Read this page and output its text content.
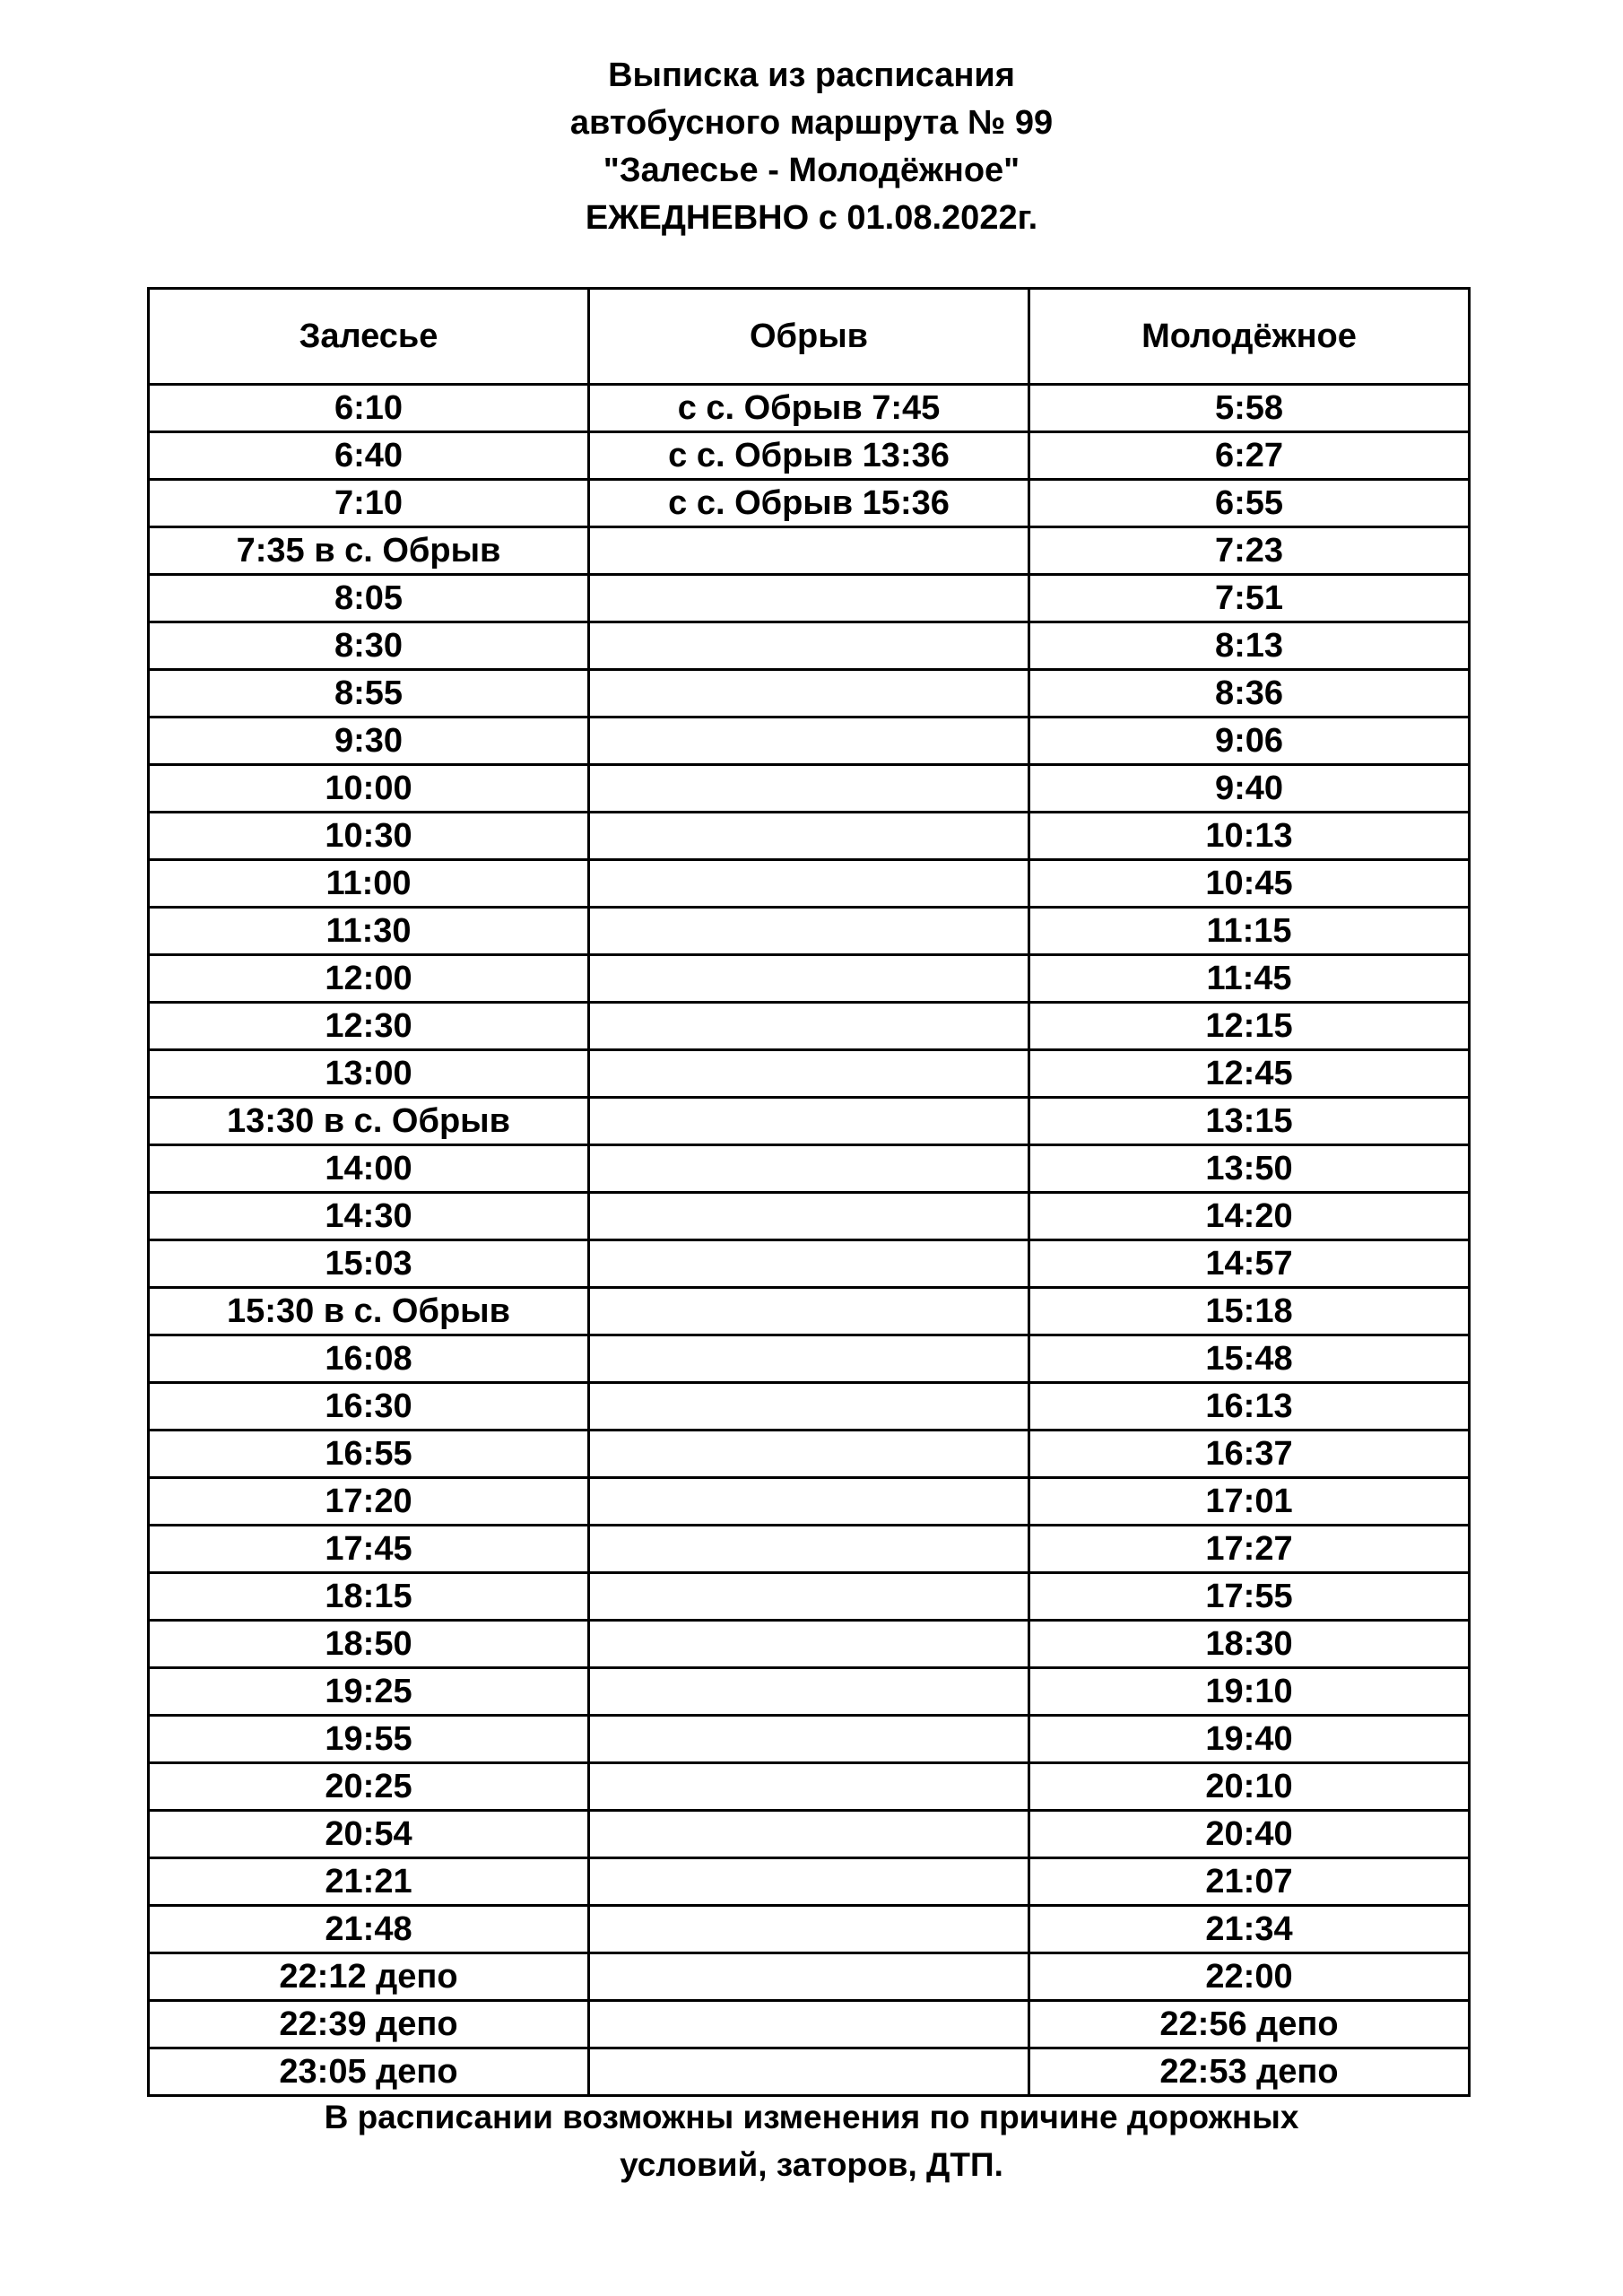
Выписка из расписания
автобусного маршрута № 99
"Залесье - Молодёжное"
ЕЖЕДНЕВНО с 01.08.2022г.
Залесье	Обрыв	Молодёжное
6:10	с с. Обрыв 7:45	5:58
6:40	с с. Обрыв 13:36	6:27
7:10	с с. Обрыв 15:36	6:55
7:35 в с. Обрыв		7:23
8:05		7:51
8:30		8:13
8:55		8:36
9:30		9:06
10:00		9:40
10:30		10:13
11:00		10:45
11:30		11:15
12:00		11:45
12:30		12:15
13:00		12:45
13:30 в с. Обрыв		13:15
14:00		13:50
14:30		14:20
15:03		14:57
15:30 в с. Обрыв		15:18
16:08		15:48
16:30		16:13
16:55		16:37
17:20		17:01
17:45		17:27
18:15		17:55
18:50		18:30
19:25		19:10
19:55		19:40
20:25		20:10
20:54		20:40
21:21		21:07
21:48		21:34
22:12 депо		22:00
22:39 депо		22:56 депо
23:05 депо		22:53 депо
В расписании возможны изменения по причине дорожных
условий, заторов, ДТП.
